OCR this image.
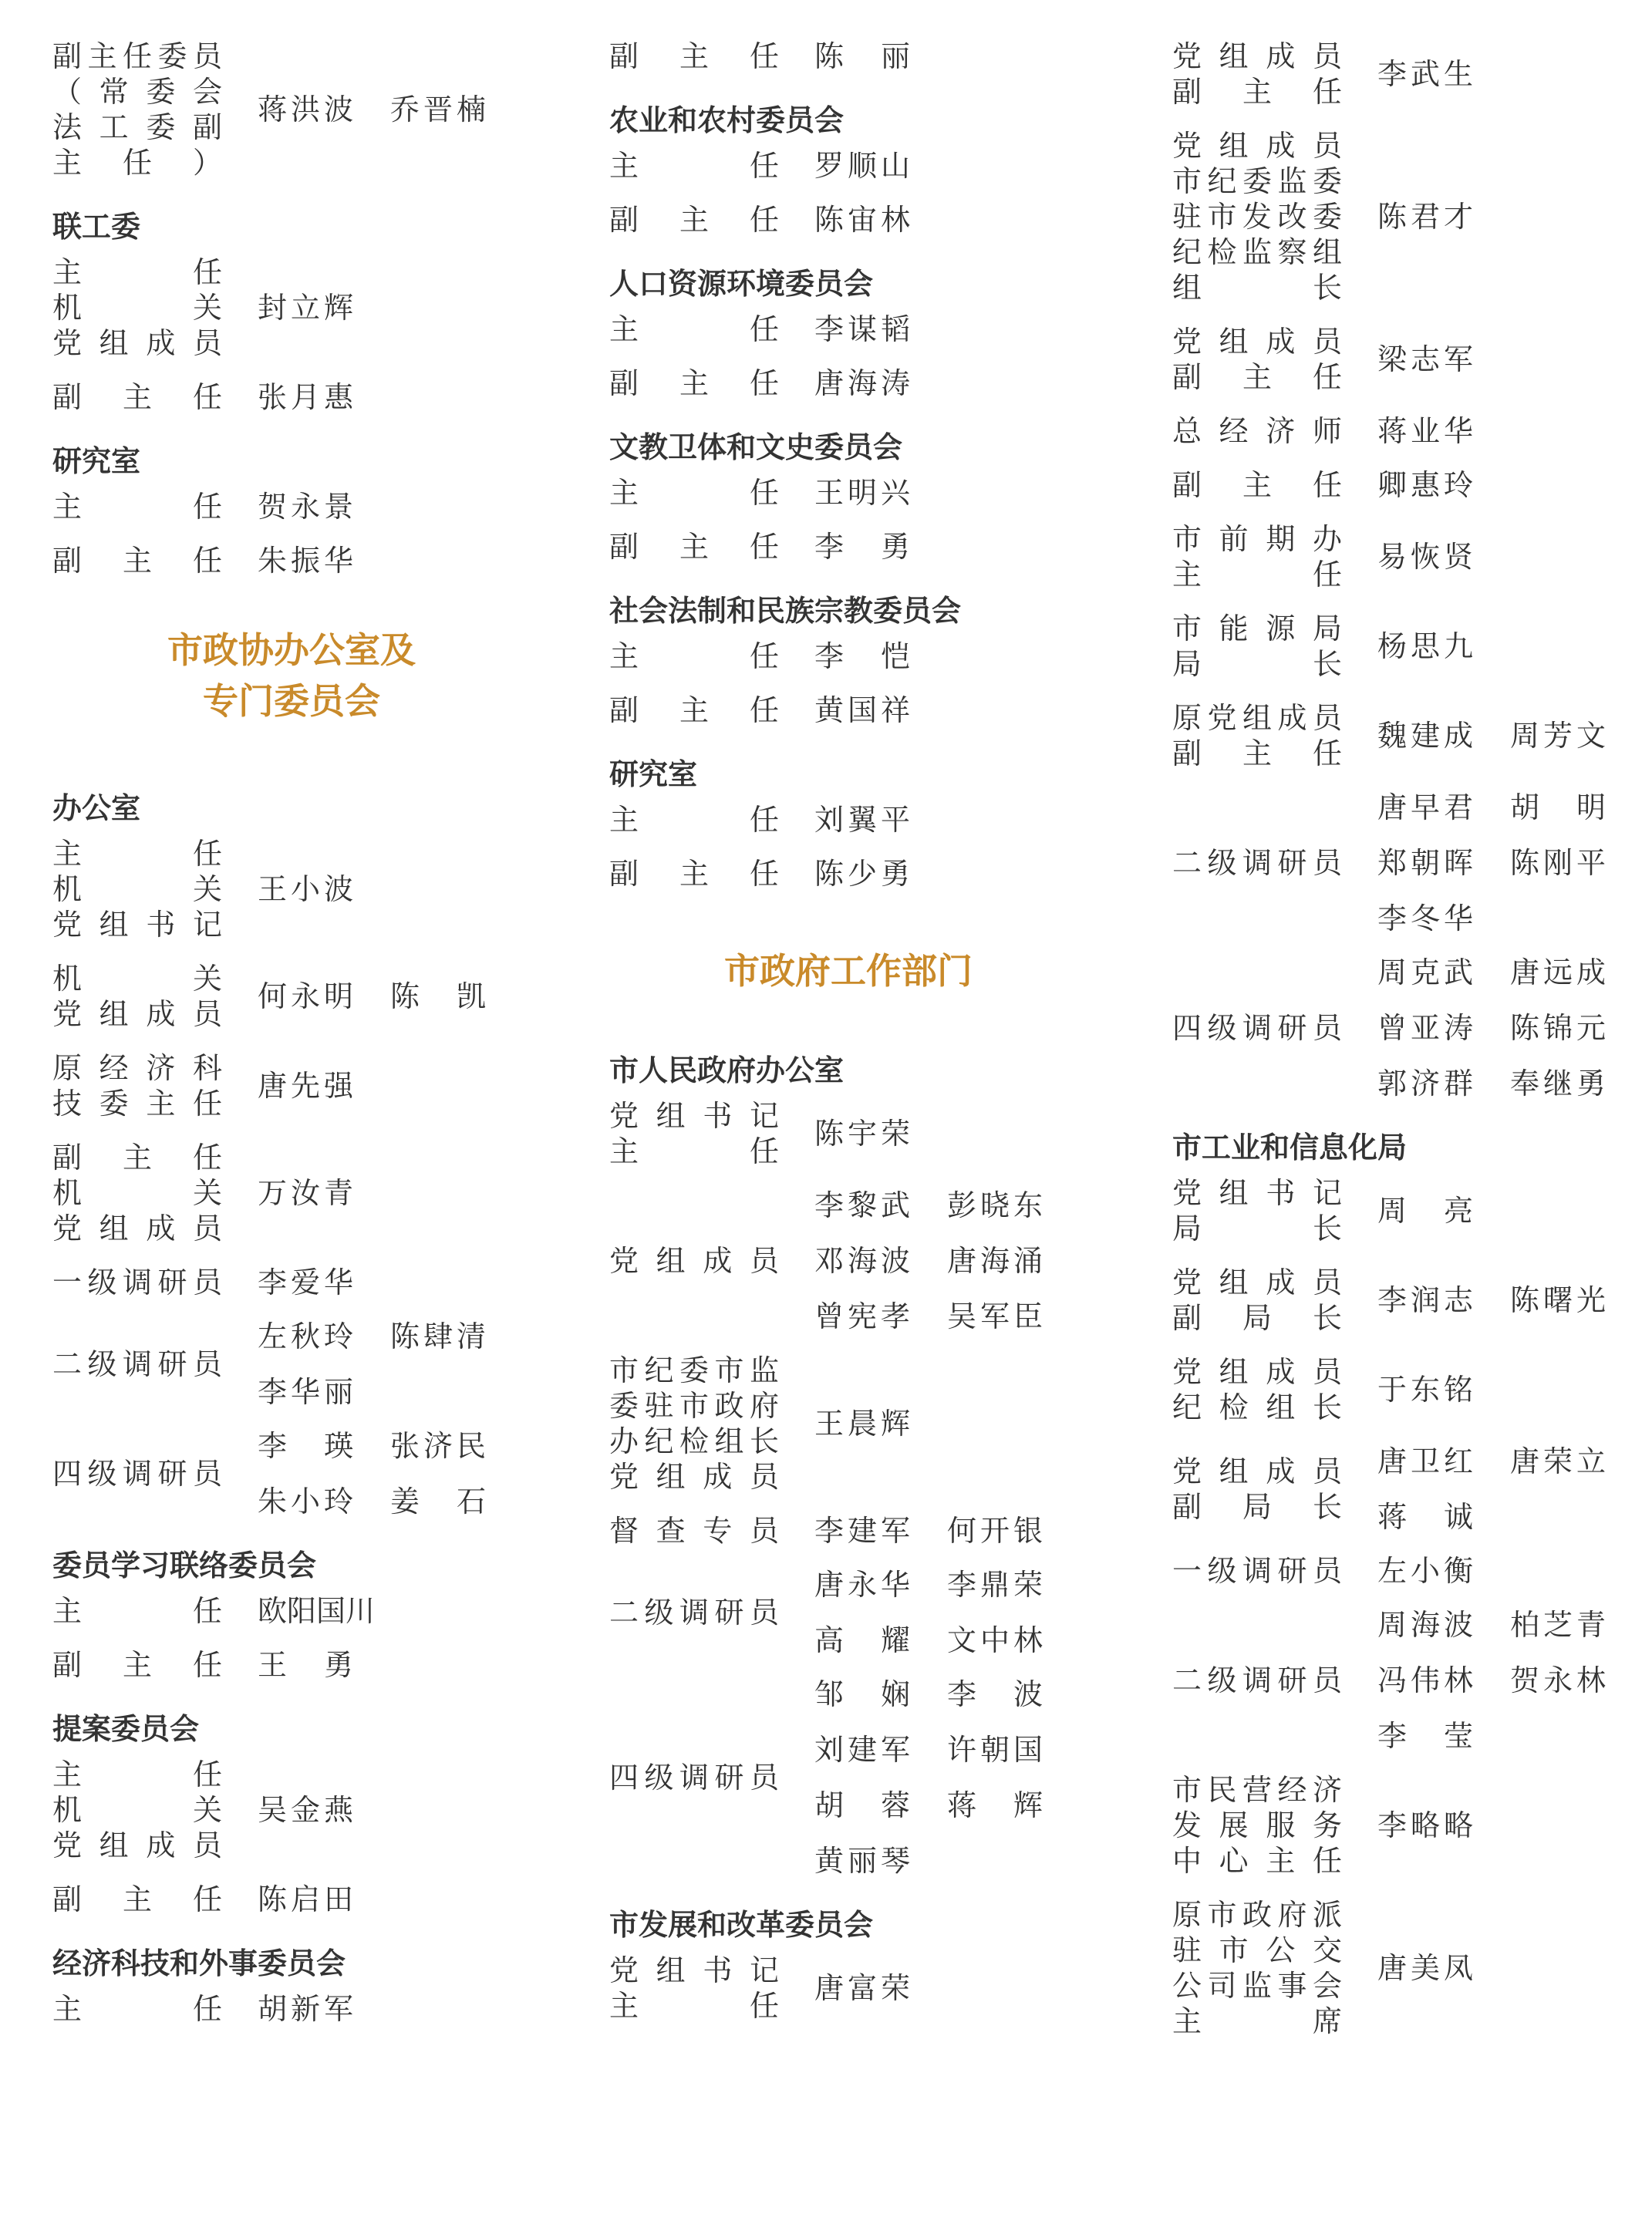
副主任委员
（常委会
法工委副
主任）
蒋洪波 乔晋楠
联工委
主任
机关
党组成员
封立辉
副主任 张月惠
研究室
主任 贺永景
副主任 朱振华
市政协办公室及
专门委员会
办公室
主任
机关
党组书记
王小波
机关
党组成员
何永明 陈凯
原经济科
技委主任
唐先强
副主任
机关
党组成员
万汝青
一级调研员 李爱华
二级调研员
左秋玲 陈肆清
李华丽
四级调研员
李瑛 张济民
朱小玲 姜石
委员学习联络委员会
主任 欧阳国川
副主任 王勇
提案委员会
主任
机关
党组成员
吴金燕
副主任 陈启田
经济科技和外事委员会
主任 胡新军
副主任 陈丽
农业和农村委员会
主任 罗顺山
副主任 陈宙林
人口资源环境委员会
主任 李谋韬
副主任 唐海涛
文教卫体和文史委员会
主任 王明兴
副主任 李勇
社会法制和民族宗教委员会
主任 李恺
副主任 黄国祥
研究室
主任 刘翼平
副主任 陈少勇
市政府工作部门
市人民政府办公室
党组书记
主任
陈宇荣
党组成员
李黎武 彭晓东
邓海波 唐海涌
曾宪孝 吴军臣
市纪委市监
委驻市政府
办纪检组长
党组成员
王晨辉
督查专员 李建军 何开银
二级调研员
唐永华 李鼎荣
高耀 文中林
四级调研员
邹娴 李波
刘建军 许朝国
胡蓉 蒋辉
黄丽琴
市发展和改革委员会
党组书记
主任
唐富荣
党组成员
副主任
李武生
党组成员
市纪委监委
驻市发改委
纪检监察组
组长
陈君才
党组成员
副主任
梁志军
总经济师 蒋业华
副主任 卿惠玲
市前期办
主任
易恢贤
市能源局
局长
杨思九
原党组成员
副主任
魏建成 周芳文
二级调研员
唐早君 胡明
郑朝晖 陈刚平
李冬华
四级调研员
周克武 唐远成
曾亚涛 陈锦元
郭济群 奉继勇
市工业和信息化局
党组书记
局长
周亮
党组成员
副局长
李润志 陈曙光
党组成员
纪检组长
于东铭
党组成员
副局长
唐卫红 唐荣立
蒋诚
一级调研员 左小衡
二级调研员
周海波 柏芝青
冯伟林 贺永林
李莹
市民营经济
发展服务
中心主任
李略略
原市政府派
驻市公交
公司监事会
主席
唐美凤
